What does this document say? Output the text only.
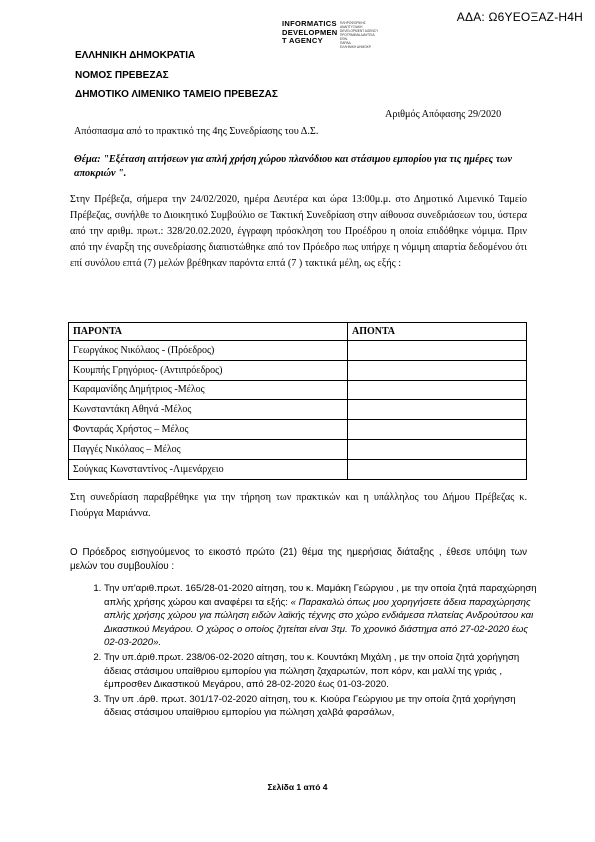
ΑΔΑ: Ω6ΥΕΟΞΑΖ-Η4Η
INFORMATICS
DEVELOPMEN
T AGENCY
ΠΛΗΡΟΦΟΡΙΚΗΣ
ΑΝΑΠΤΥΞΙΑΚΗ
DEVELOPMENT AGENCY
ΠΡΟΓΡΑΜΜΑ ΔΙΑΥΓΕΙΑ
ΕΘΝ.
ΠΑΡΑΔ.
ΕΛΛΗΝΙΚΗ ΔΗΜΟΚΡ.
ΕΛΛΗΝΙΚΗ ΔΗΜΟΚΡΑΤΙΑ
ΝΟΜΟΣ ΠΡΕΒΕΖΑΣ
ΔΗΜΟΤΙΚΟ ΛΙΜΕΝΙΚΟ ΤΑΜΕΙΟ ΠΡΕΒΕΖΑΣ
Αριθμός Απόφασης 29/2020
Απόσπασμα από το πρακτικό της 4ης Συνεδρίασης του Δ.Σ.
Θέμα: "Εξέταση αιτήσεων για απλή χρήση χώρου πλανόδιου και στάσιμου εμπορίου για τις ημέρες των αποκριών ".
Στην Πρέβεζα, σήμερα την 24/02/2020, ημέρα Δευτέρα και ώρα 13:00μ.μ. στο Δημοτικό Λιμενικό Ταμείο Πρέβεζας, συνήλθε το Διοικητικό Συμβούλιο σε Τακτική Συνεδρίαση στην αίθουσα συνεδριάσεων του, ύστερα από την αριθμ. πρωτ.: 328/20.02.2020, έγγραφη πρόσκληση του Προέδρου η οποία επιδόθηκε νόμιμα. Πριν από την έναρξη της συνεδρίασης διαπιστώθηκε από τον Πρόεδρο πως υπήρχε η νόμιμη απαρτία δεδομένου ότι επί συνόλου επτά (7) μελών βρέθηκαν παρόντα επτά (7 ) τακτικά μέλη, ως εξής :
ΠΑΡΟΝΤΑ	ΑΠΟΝΤΑ
Γεωργάκος Νικόλαος - (Πρόεδρος)	
Κουμπής Γρηγόριος- (Αντιπρόεδρος)	
Καραμανίδης Δημήτριος -Μέλος	
Κωνσταντάκη Αθηνά -Μέλος	
Φονταράς Χρήστος – Μέλος	
Παγγές Νικόλαος – Μέλος	
Σούγκας Κωνσταντίνος -Λιμενάρχειο	
Στη συνεδρίαση παραβρέθηκε για την τήρηση των πρακτικών και η υπάλληλος του Δήμου Πρέβεζας κ. Γιούργα Μαριάννα.
Ο Πρόεδρος εισηγούμενος το εικοστό πρώτο (21) θέμα της ημερήσιας διάταξης , έθεσε υπόψη των μελών του συμβουλίου :
1. Την υπ'αριθ.πρωτ. 165/28-01-2020 αίτηση, του κ. Μαμάκη Γεώργιου , με την οποία ζητά παραχώρηση απλής χρήσης χώρου και αναφέρει τα εξής: « Παρακαλώ όπως μου χορηγήσετε άδεια παραχώρησης απλής χρήσης χώρου για πώληση ειδών λαϊκής τέχνης στο χώρο ενδιάμεσα πλατείας Ανδρούτσου και Δικαστικού Μεγάρου. Ο χώρος ο οποίος ζητείται είναι 3τμ. Το χρονικό διάστημα από 27-02-2020 έως 02-03-2020».
2. Την υπ.άριθ.πρωτ. 238/06-02-2020 αίτηση, του κ. Κουντάκη Μιχάλη , με την οποία ζητά χορήγηση άδειας στάσιμου υπαίθριου εμπορίου για πώληση ζαχαρωτών, ποπ κόρν, και μαλλί της γριάς , έμπροσθεν Δικαστικού Μεγάρου, από 28-02-2020 έως 01-03-2020.
3. Την υπ .άρθ. πρωτ. 301/17-02-2020 αίτηση, του κ. Κιούρα Γεώργιου με την οποία ζητά χορήγηση άδειας στάσιμου υπαίθριου εμπορίου για πώληση χαλβά φαρσάλων,
Σελίδα 1 από 4
